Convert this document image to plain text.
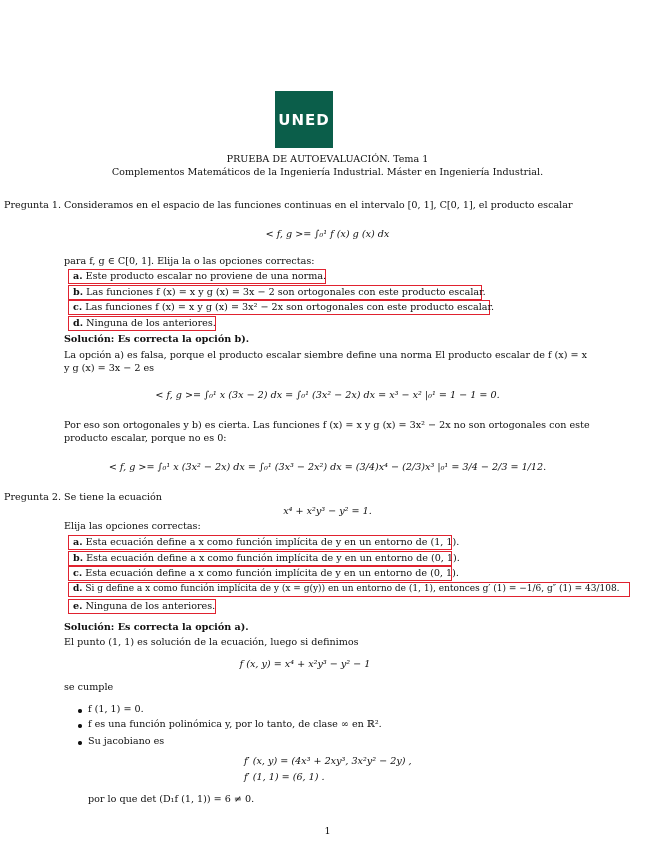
UNED
PRUEBA DE AUTOEVALUACIÓN. Tema 1
Complementos Matemáticos de la Ingeniería Industrial. Máster en Ingeniería Industrial.
Pregunta 1. Consideramos en el espacio de las funciones continuas en el intervalo [0, 1], C[0, 1], el producto escalar
< f, g >= ∫₀¹ f (x) g (x) dx
para f, g ∈ C[0, 1]. Elija la o las opciones correctas:
a. Este producto escalar no proviene de una norma.
b. Las funciones f (x) = x y g (x) = 3x − 2 son ortogonales con este producto escalar.
c. Las funciones f (x) = x y g (x) = 3x² − 2x son ortogonales con este producto escalar.
d. Ninguna de los anteriores.
Solución: Es correcta la opción b).
La opción a) es falsa, porque el producto escalar siembre define una norma El producto escalar de f (x) = x
y g (x) = 3x − 2 es
< f, g >= ∫₀¹ x (3x − 2) dx = ∫₀¹ (3x² − 2x) dx = x³ − x² |₀¹ = 1 − 1 = 0.
Por eso son ortogonales y b) es cierta. Las funciones f (x) = x y g (x) = 3x² − 2x no son ortogonales con este
producto escalar, porque no es 0:
< f, g >= ∫₀¹ x (3x² − 2x) dx = ∫₀¹ (3x³ − 2x²) dx = (3/4)x⁴ − (2/3)x³ |₀¹ = 3/4 − 2/3 = 1/12.
Pregunta 2. Se tiene la ecuación
x⁴ + x²y³ − y² = 1.
Elija las opciones correctas:
a. Esta ecuación define a x como función implícita de y en un entorno de (1, 1).
b. Esta ecuación define a x como función implícita de y en un entorno de (0, 1).
c. Esta ecuación define a x como función implícita de y en un entorno de (0, 1).
d. Si g define a x como función implícita de y (x = g(y)) en un entorno de (1, 1), entonces g′ (1) = −1/6, g″ (1) = 43/108.
e. Ninguna de los anteriores.
Solución: Es correcta la opción a).
El punto (1, 1) es solución de la ecuación, luego si definimos
f (x, y) = x⁴ + x²y³ − y² − 1
se cumple
f (1, 1) = 0.
f es una función polinómica y, por lo tanto, de clase ∞ en ℝ².
Su jacobiano es
f′ (x, y) = (4x³ + 2xy³, 3x²y² − 2y) ,
f′ (1, 1) = (6, 1) .
por lo que det (D₁f (1, 1)) = 6 ≠ 0.
1
